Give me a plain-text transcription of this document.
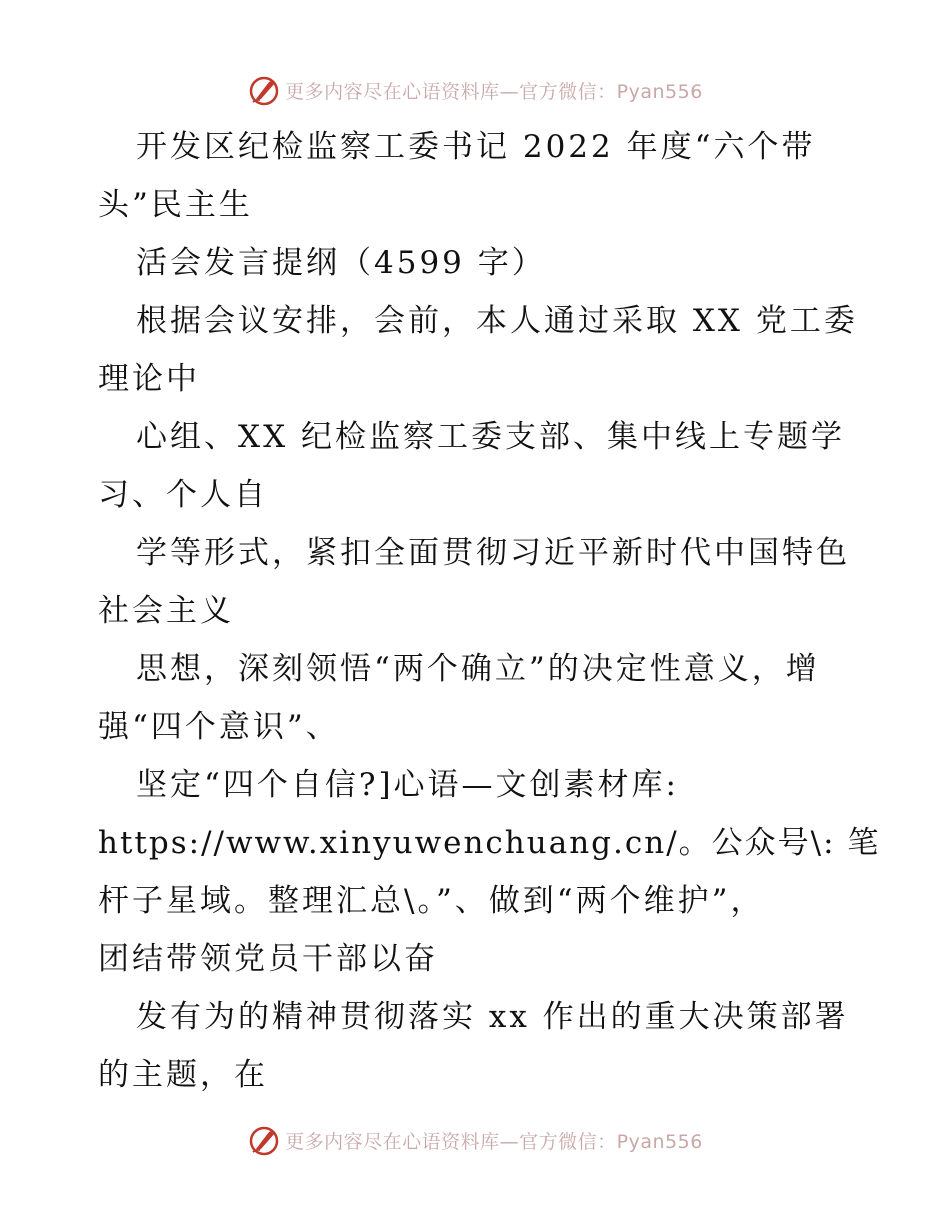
更多内容尽在心语资料库—官方微信：Pyan556
开发区纪检监察工委书记 2022 年度“六个带
头”民主生
活会发言提纲（4599 字）
根据会议安排，会前，本人通过采取 XX 党工委
理论中
心组、XX 纪检监察工委支部、集中线上专题学
习、个人自
学等形式，紧扣全面贯彻习近平新时代中国特色
社会主义
思想，深刻领悟“两个确立”的决定性意义，增
强“四个意识”、
坚定“四个自信?]心语—文创素材库:
https://www.xinyuwenchuang.cn/。公众号\: 笔
杆子星域。整理汇总\。”、做到“两个维护”，
团结带领党员干部以奋
发有为的精神贯彻落实 xx 作出的重大决策部署
的主题，在
更多内容尽在心语资料库—官方微信：Pyan556
